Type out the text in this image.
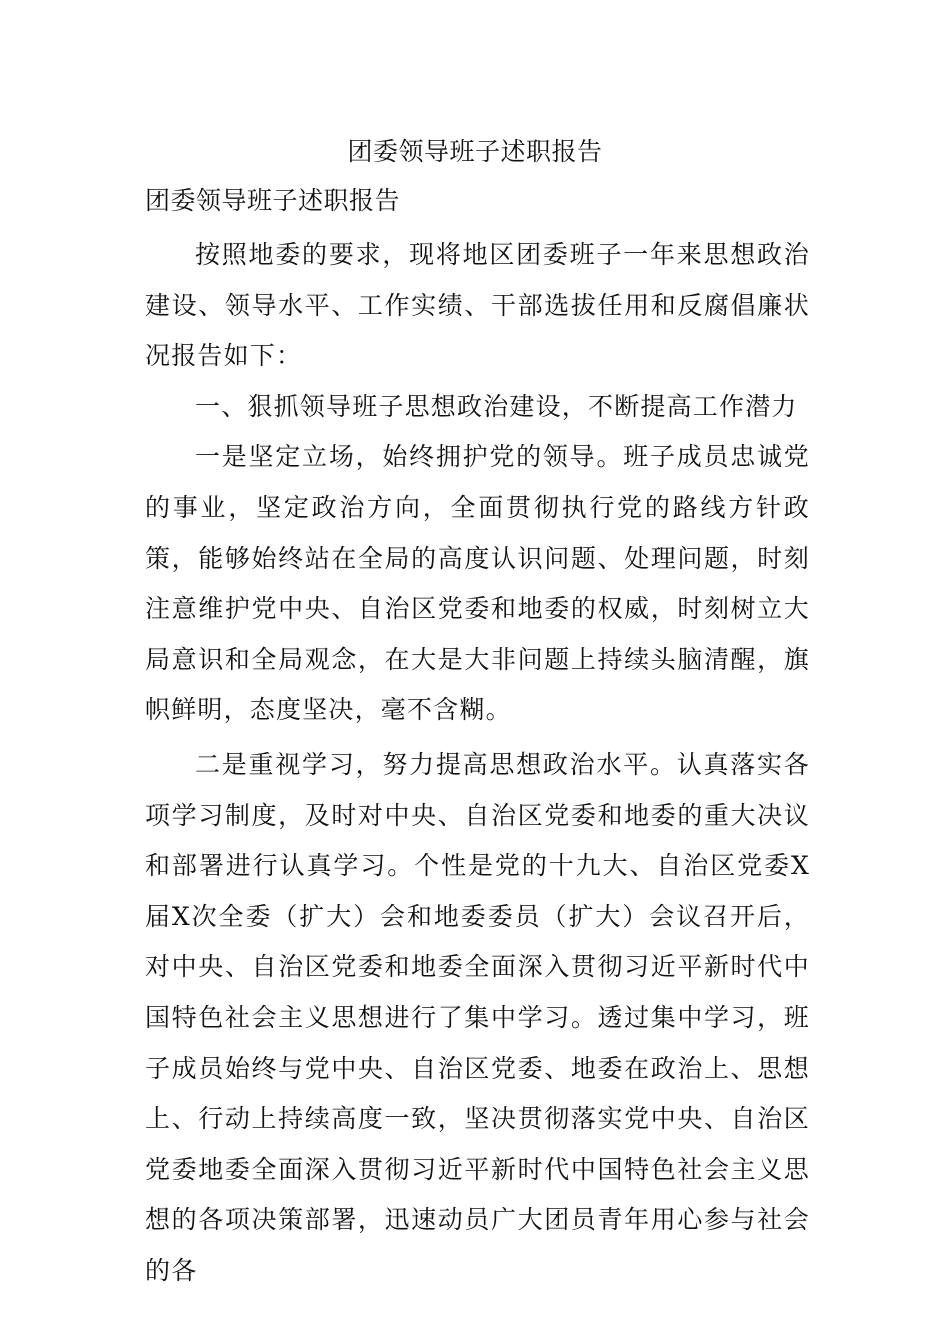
团委领导班子述职报告
团委领导班子述职报告

按照地委的要求，现将地区团委班子一年来思想政治建设、领导水平、工作实绩、干部选拔任用和反腐倡廉状况报告如下：

一、狠抓领导班子思想政治建设，不断提高工作潜力

一是坚定立场，始终拥护党的领导。班子成员忠诚党的事业，坚定政治方向，全面贯彻执行党的路线方针政策，能够始终站在全局的高度认识问题、处理问题，时刻注意维护党中央、自治区党委和地委的权威，时刻树立大局意识和全局观念，在大是大非问题上持续头脑清醒，旗帜鲜明，态度坚决，毫不含糊。

二是重视学习，努力提高思想政治水平。认真落实各项学习制度，及时对中央、自治区党委和地委的重大决议和部署进行认真学习。个性是党的十九大、自治区党委X届X次全委（扩大）会和地委委员（扩大）会议召开后，对中央、自治区党委和地委全面深入贯彻习近平新时代中国特色社会主义思想进行了集中学习。透过集中学习，班子成员始终与党中央、自治区党委、地委在政治上、思想上、行动上持续高度一致，坚决贯彻落实党中央、自治区党委地委全面深入贯彻习近平新时代中国特色社会主义思想的各项决策部署，迅速动员广大团员青年用心参与社会的各
